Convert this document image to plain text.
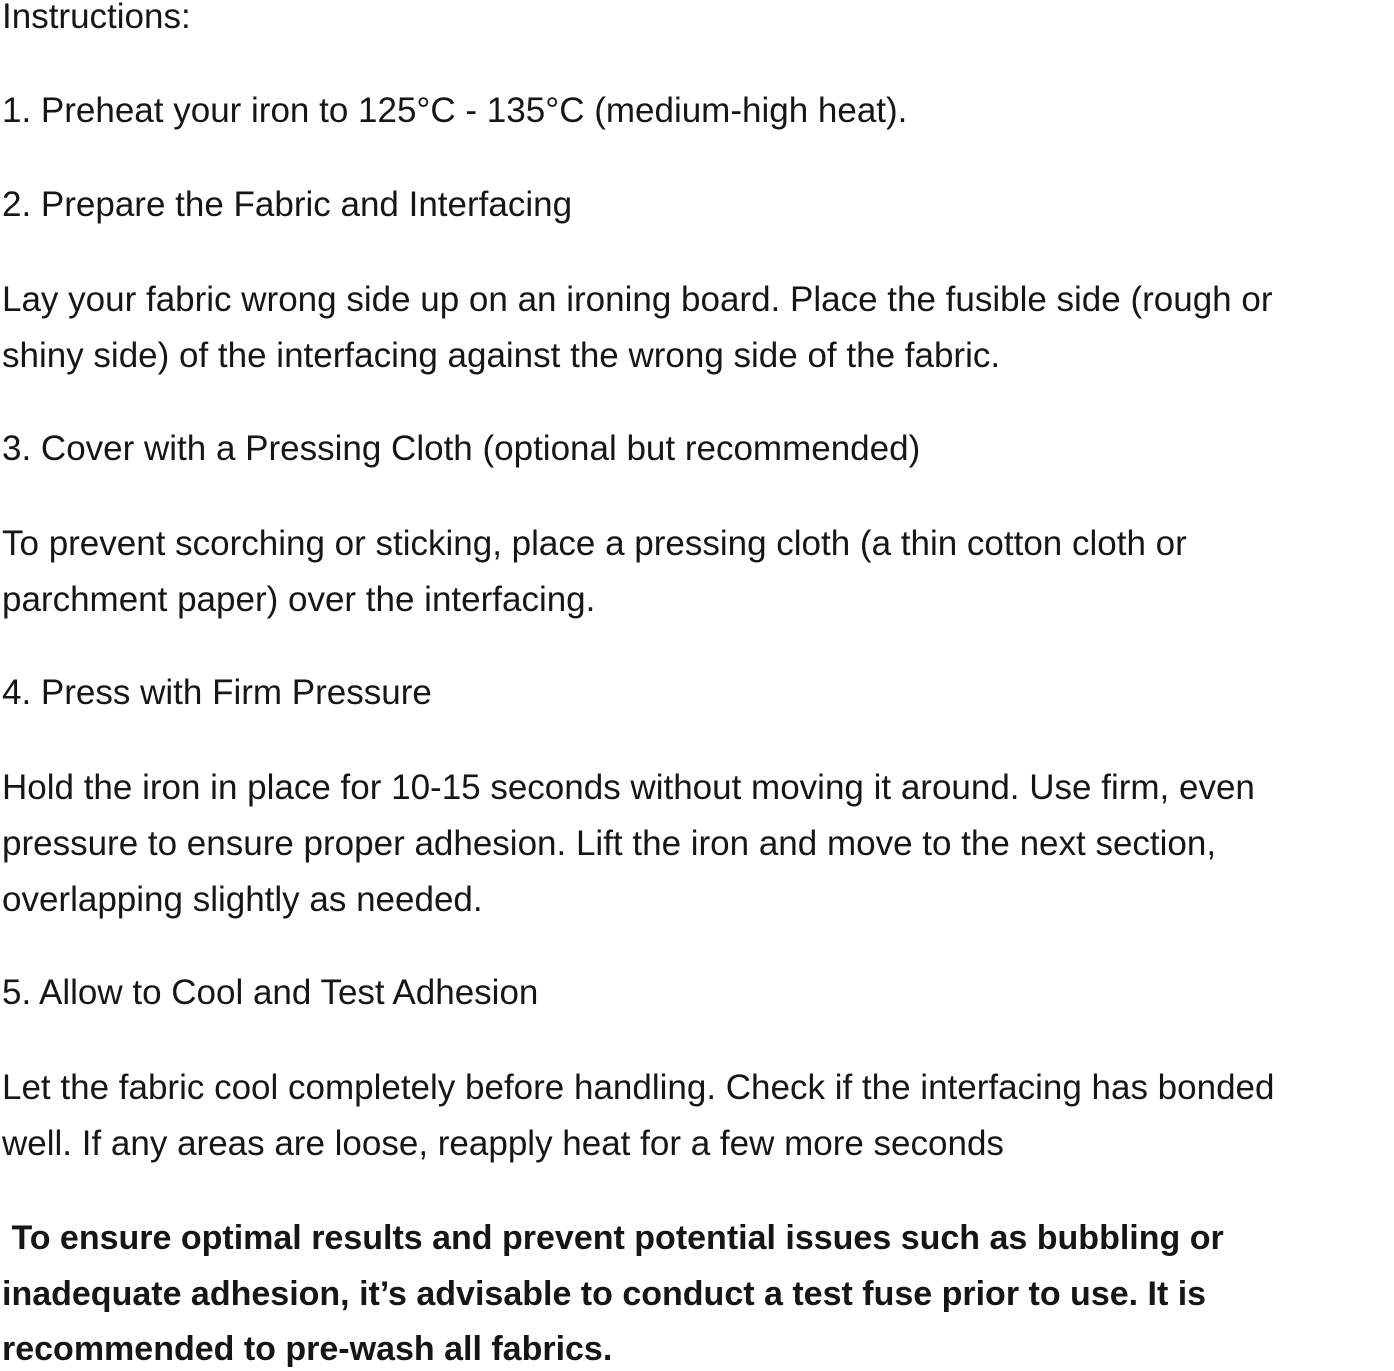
Instructions:
1. Preheat your iron to 125°C - 135°C (medium-high heat).
2. Prepare the Fabric and Interfacing
Lay your fabric wrong side up on an ironing board. Place the fusible side (rough or
shiny side) of the interfacing against the wrong side of the fabric.
3. Cover with a Pressing Cloth (optional but recommended)
To prevent scorching or sticking, place a pressing cloth (a thin cotton cloth or
parchment paper) over the interfacing.
4. Press with Firm Pressure
Hold the iron in place for 10-15 seconds without moving it around. Use firm, even
pressure to ensure proper adhesion. Lift the iron and move to the next section,
overlapping slightly as needed.
5. Allow to Cool and Test Adhesion
Let the fabric cool completely before handling. Check if the interfacing has bonded
well. If any areas are loose, reapply heat for a few more seconds
To ensure optimal results and prevent potential issues such as bubbling or
inadequate adhesion, it’s advisable to conduct a test fuse prior to use. It is
recommended to pre-wash all fabrics.
